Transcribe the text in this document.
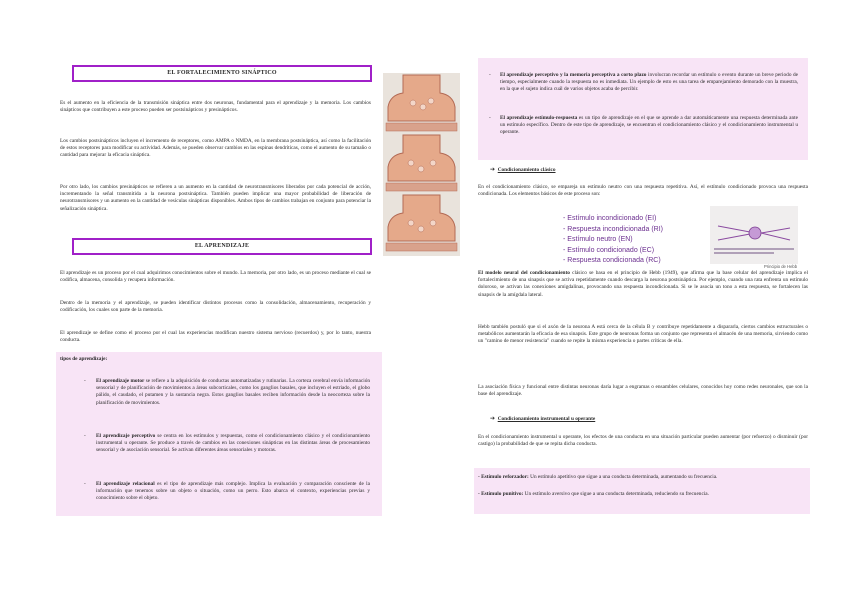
EL FORTALECIMIENTO SINÁPTICO

Es el aumento en la eficiencia de la transmisión sináptica entre dos neuronas, fundamental para el aprendizaje y la memoria. Los cambios sinápticos que contribuyen a este proceso pueden ser postsinápticos y presinápticos.

Los cambios postsinápticos incluyen el incremento de receptores, como AMPA o NMDA, en la membrana postsináptica, así como la facilitación de estos receptores para modificar su actividad. Además, se pueden observar cambios en las espinas dendríticas, como el aumento de su tamaño o cantidad para mejorar la eficacia sináptica.

Por otro lado, los cambios presinápticos se refieren a un aumento en la cantidad de neurotransmisores liberados por cada potencial de acción, incrementando la señal transmitida a la neurona postsináptica. También pueden implicar una mayor probabilidad de liberación de neurotransmisores y un aumento en la cantidad de vesículas sinápticas disponibles. Ambos tipos de cambios trabajan en conjunto para potenciar la señalización sináptica.

EL APRENDIZAJE

El aprendizaje es un proceso por el cual adquirimos conocimientos sobre el mundo. La memoria, por otro lado, es un proceso mediante el cual se codifica, almacena, consolida y recupera información.

Dentro de la memoria y el aprendizaje, se pueden identificar distintos procesos como la consolidación, almacenamiento, recuperación y codificación, los cuales son parte de la memoria.

El aprendizaje se define como el proceso por el cual las experiencias modifican nuestro sistema nervioso (recuerdos) y, por lo tanto, nuestra conducta.

tipos de aprendizaje:

- El aprendizaje motor se refiere a la adquisición de conductas automatizadas y rutinarias. La corteza cerebral envía información sensorial y de planificación de movimientos a áreas subcorticales, como los ganglios basales, que incluyen el estriado, el globo pálido, el caudado, el putamen y la sustancia negra. Estos ganglios basales reciben información desde la neocorteza sobre la planificación de movimientos.

- El aprendizaje perceptivo se centra en los estímulos y respuestas, como el condicionamiento clásico y el condicionamiento instrumental u operante. Se produce a través de cambios en las conexiones sinápticas en las distintas áreas de procesamiento sensorial y de asociación sensorial. Se activan diferentes áreas sensoriales y motoras.

- El aprendizaje relacional es el tipo de aprendizaje más complejo. Implica la evaluación y comparación consciente de la información que tenemos sobre un objeto o situación, como un perro. Esto abarca el contexto, experiencias previas y conocimiento sobre el objeto.

- El aprendizaje perceptivo y la memoria perceptiva a corto plazo involucran recordar un estímulo o evento durante un breve periodo de tiempo, especialmente cuando la respuesta no es inmediata. Un ejemplo de esto es una tarea de emparejamiento demorado con la muestra, en la que el sujeto indica cuál de varios objetos acaba de percibir.

- El aprendizaje estímulo-respuesta es un tipo de aprendizaje en el que se aprende a dar automáticamente una respuesta determinada ante un estímulo específico. Dentro de este tipo de aprendizaje, se encuentran el condicionamiento clásico y el condicionamiento instrumental u operante.

➔ Condicionamiento clásico

En el condicionamiento clásico, se empareja un estímulo neutro con una respuesta repetitiva. Así, el estímulo condicionado provoca una respuesta condicionada. Los elementos básicos de este proceso son:

- Estímulo incondicionado (EI)
- Respuesta incondicionada (RI)
- Estímulo neutro (EN)
- Estímulo condicionado (EC)
- Respuesta condicionada (RC)
Principio de Hebb

El modelo neural del condicionamiento clásico se basa en el principio de Hebb (1949), que afirma que la base celular del aprendizaje implica el fortalecimiento de una sinapsis que se activa repetidamente cuando descarga la neurona postsináptica. Por ejemplo, cuando una rata enfrenta un estímulo doloroso, se activan las conexiones amigdalinas, provocando una respuesta incondicionada. Si se le asocia un tono a esta respuesta, se fortalecen las sinapsis de la amígdala lateral.

Hebb también postuló que si el axón de la neurona A está cerca de la célula B y contribuye repetidamente a dispararla, ciertos cambios estructurales o metabólicos aumentarán la eficacia de esa sinapsis. Este grupo de neuronas forma un conjunto que representa el almacén de una memoria, sirviendo como un "camino de menor resistencia" cuando se repite la misma experiencia o partes críticas de ella.

La asociación física y funcional entre distintas neuronas daría lugar a engramas o ensambles celulares, conocidos hoy como redes neuronales, que son la base del aprendizaje.

➔ Condicionamiento instrumental u operante

En el condicionamiento instrumental u operante, los efectos de una conducta en una situación particular pueden aumentar (por refuerzo) o disminuir (por castigo) la probabilidad de que se repita dicha conducta.

- Estímulo reforzador: Un estímulo apetitivo que sigue a una conducta determinada, aumentando su frecuencia.

- Estímulo punitivo: Un estímulo aversivo que sigue a una conducta determinada, reduciendo su frecuencia.
